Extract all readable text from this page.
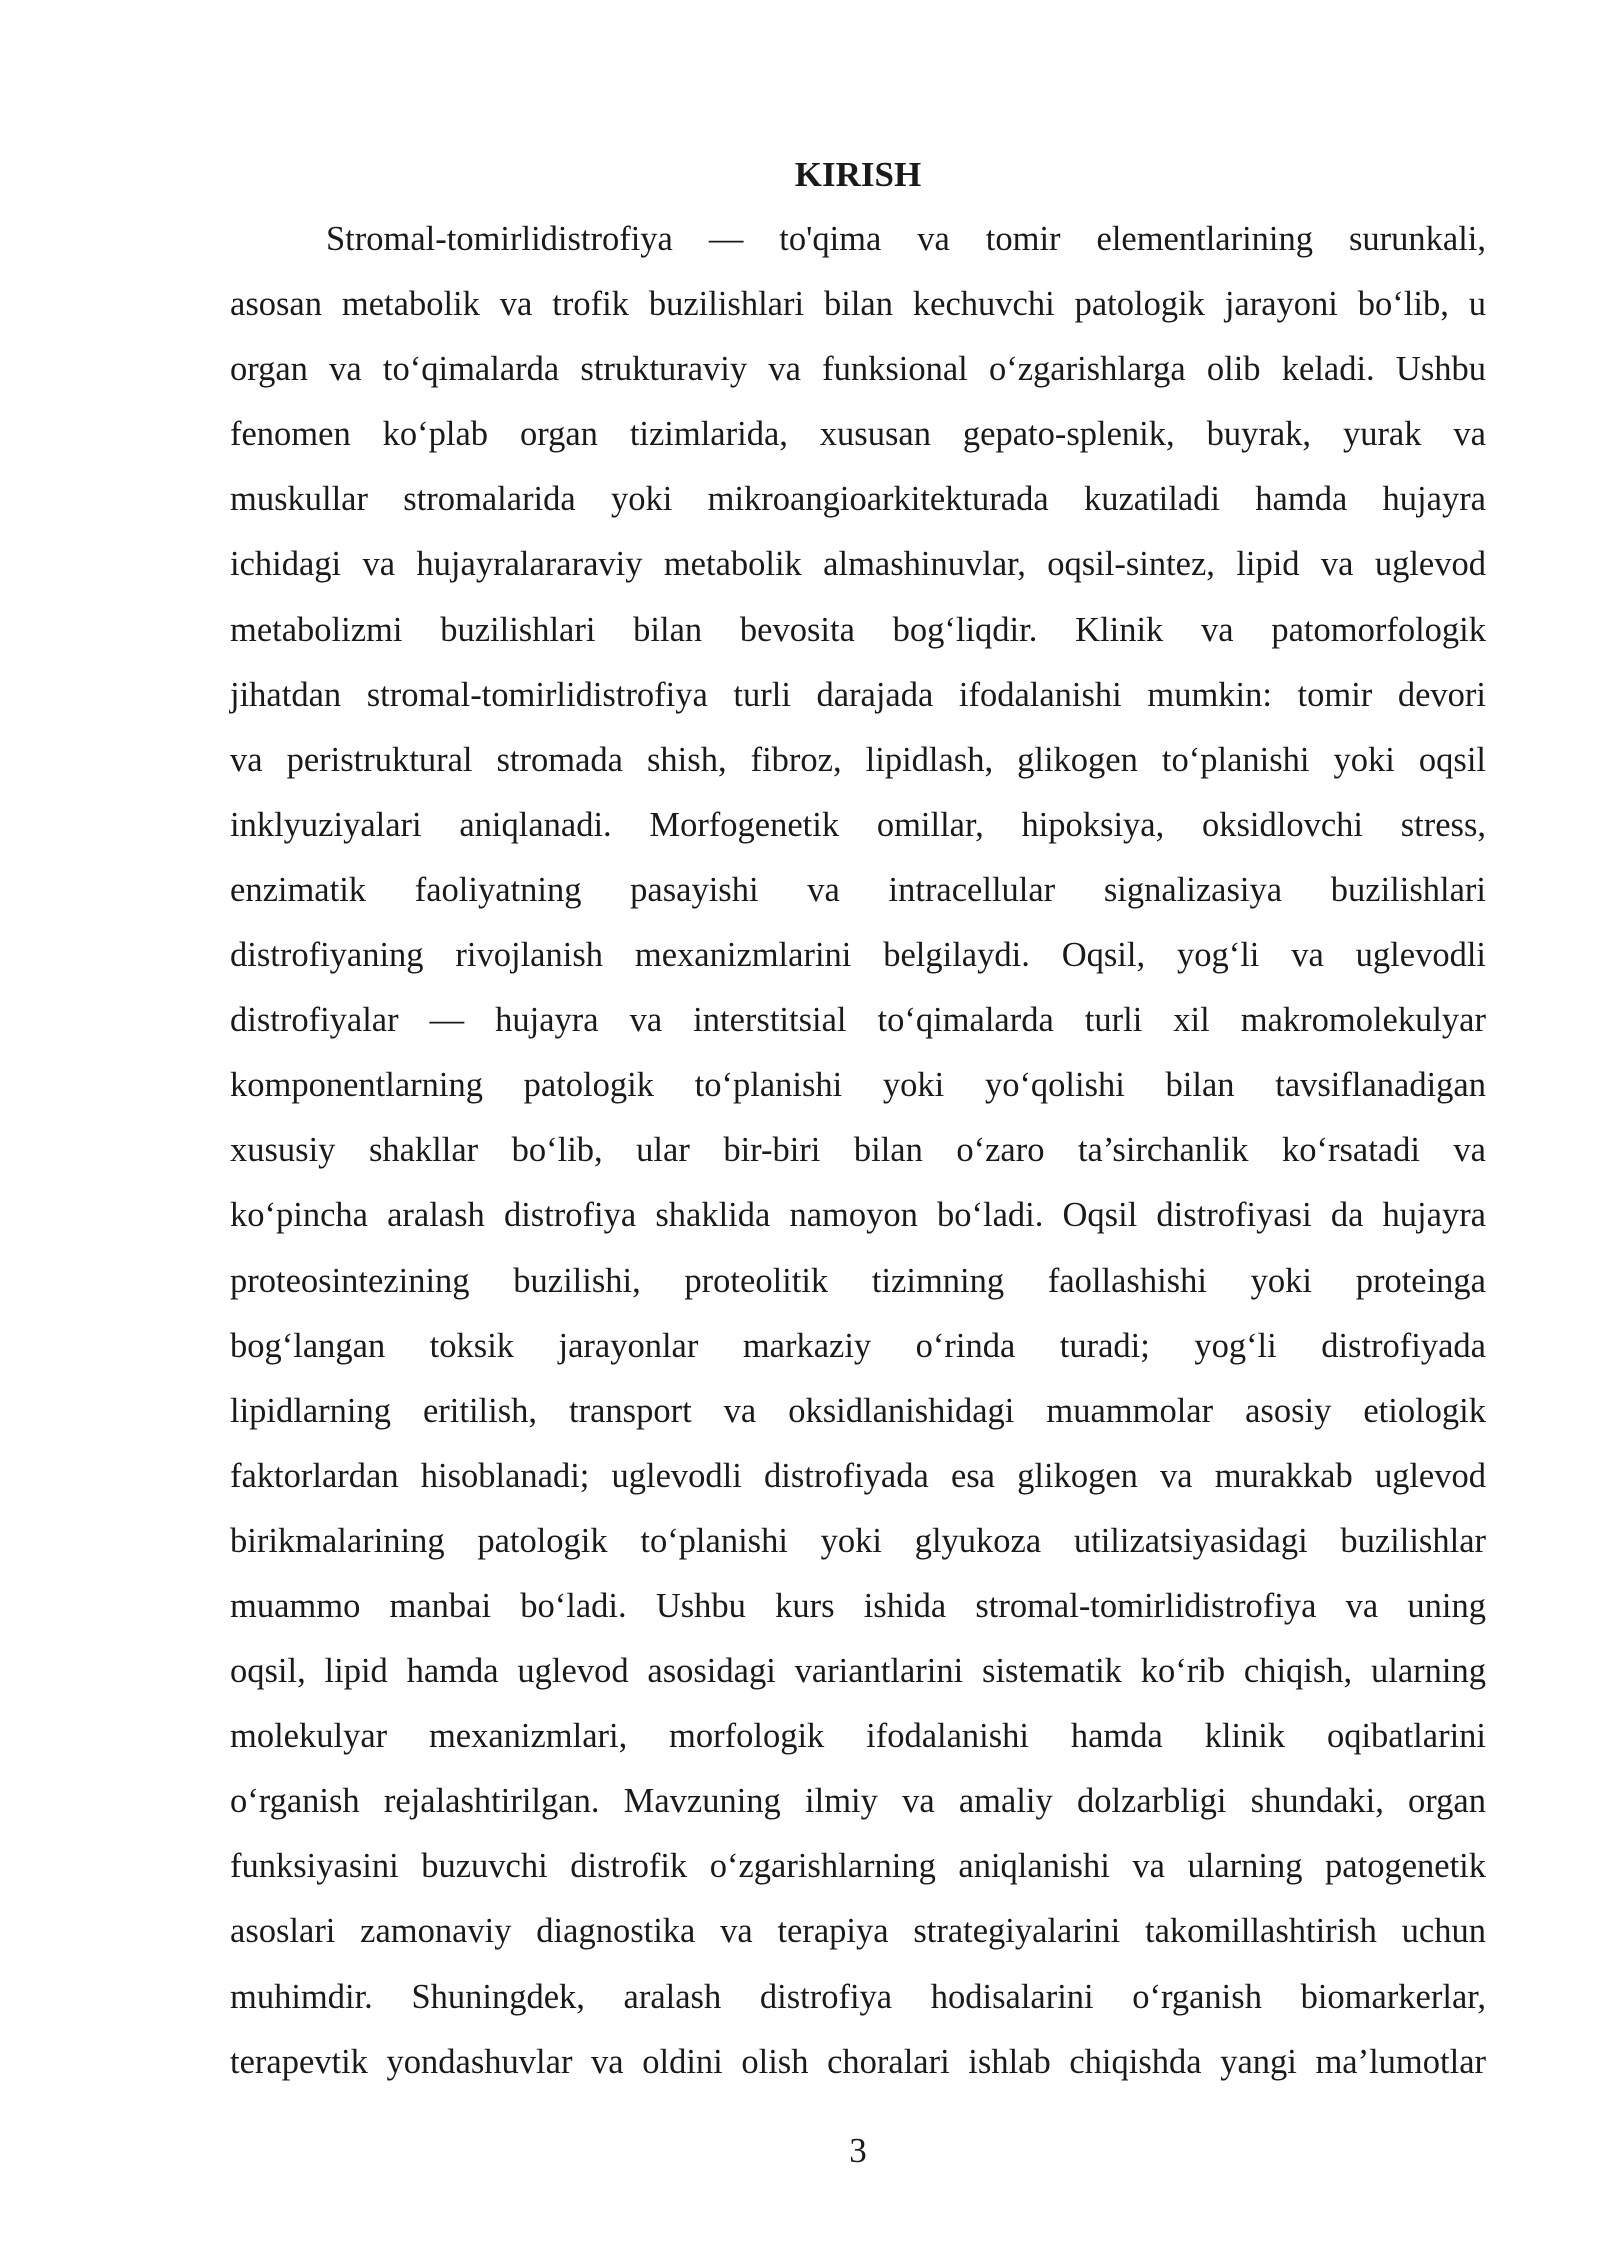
KIRISH
Stromal-tomirlidistrofiya — to'qima va tomir elementlarining surunkali,
asosan metabolik va trofik buzilishlari bilan kechuvchi patologik jarayoni bo‘lib, u
organ va to‘qimalarda strukturaviy va funksional o‘zgarishlarga olib keladi. Ushbu
fenomen ko‘plab organ tizimlarida, xususan gepato-splenik, buyrak, yurak va
muskullar stromalarida yoki mikroangioarkitekturada kuzatiladi hamda hujayra
ichidagi va hujayralararaviy metabolik almashinuvlar, oqsil-sintez, lipid va uglevod
metabolizmi buzilishlari bilan bevosita bog‘liqdir. Klinik va patomorfologik
jihatdan stromal-tomirlidistrofiya turli darajada ifodalanishi mumkin: tomir devori
va peristruktural stromada shish, fibroz, lipidlash, glikogen to‘planishi yoki oqsil
inklyuziyalari aniqlanadi. Morfogenetik omillar, hipoksiya, oksidlovchi stress,
enzimatik faoliyatning pasayishi va intracellular signalizasiya buzilishlari
distrofiyaning rivojlanish mexanizmlarini belgilaydi. Oqsil, yog‘li va uglevodli
distrofiyalar — hujayra va interstitsial to‘qimalarda turli xil makromolekulyar
komponentlarning patologik to‘planishi yoki yo‘qolishi bilan tavsiflanadigan
xususiy shakllar bo‘lib, ular bir-biri bilan o‘zaro ta’sirchanlik ko‘rsatadi va
ko‘pincha aralash distrofiya shaklida namoyon bo‘ladi. Oqsil distrofiyasi da hujayra
proteosintezining buzilishi, proteolitik tizimning faollashishi yoki proteinga
bog‘langan toksik jarayonlar markaziy o‘rinda turadi; yog‘li distrofiyada
lipidlarning eritilish, transport va oksidlanishidagi muammolar asosiy etiologik
faktorlardan hisoblanadi; uglevodli distrofiyada esa glikogen va murakkab uglevod
birikmalarining patologik to‘planishi yoki glyukoza utilizatsiyasidagi buzilishlar
muammo manbai bo‘ladi. Ushbu kurs ishida stromal-tomirlidistrofiya va uning
oqsil, lipid hamda uglevod asosidagi variantlarini sistematik ko‘rib chiqish, ularning
molekulyar mexanizmlari, morfologik ifodalanishi hamda klinik oqibatlarini
o‘rganish rejalashtirilgan. Mavzuning ilmiy va amaliy dolzarbligi shundaki, organ
funksiyasini buzuvchi distrofik o‘zgarishlarning aniqlanishi va ularning patogenetik
asoslari zamonaviy diagnostika va terapiya strategiyalarini takomillashtirish uchun
muhimdir. Shuningdek, aralash distrofiya hodisalarini o‘rganish biomarkerlar,
terapevtik yondashuvlar va oldini olish choralari ishlab chiqishda yangi ma’lumotlar
3
